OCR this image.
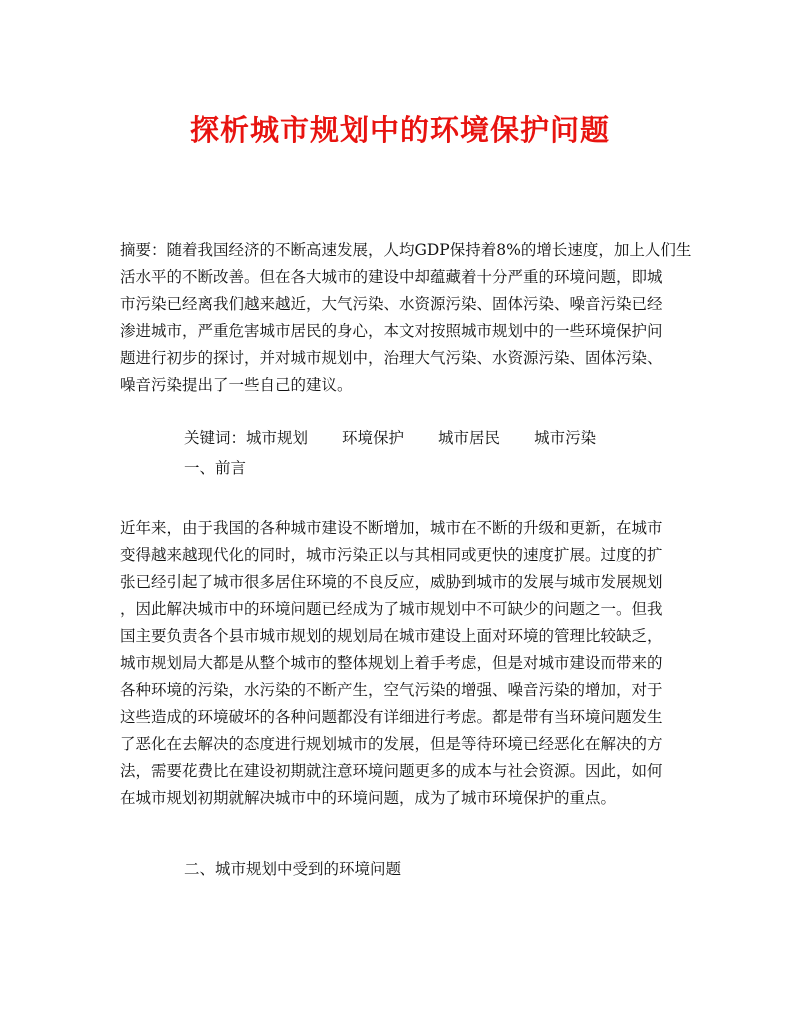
探析城市规划中的环境保护问题
摘要：随着我国经济的不断高速发展，人均GDP保持着8%的增长速度，加上人们生
活水平的不断改善。但在各大城市的建设中却蕴藏着十分严重的环境问题，即城
市污染已经离我们越来越近，大气污染、水资源污染、固体污染、噪音污染已经
渗进城市，严重危害城市居民的身心，本文对按照城市规划中的一些环境保护问
题进行初步的探讨，并对城市规划中，治理大气污染、水资源污染、固体污染、
噪音污染提出了一些自己的建议。
关键词：城市规划 环境保护 城市居民 城市污染
一、前言
近年来，由于我国的各种城市建设不断增加，城市在不断的升级和更新，在城市
变得越来越现代化的同时，城市污染正以与其相同或更快的速度扩展。过度的扩
张已经引起了城市很多居住环境的不良反应，威胁到城市的发展与城市发展规划
，因此解决城市中的环境问题已经成为了城市规划中不可缺少的问题之一。但我
国主要负责各个县市城市规划的规划局在城市建设上面对环境的管理比较缺乏，
城市规划局大都是从整个城市的整体规划上着手考虑，但是对城市建设而带来的
各种环境的污染，水污染的不断产生，空气污染的增强、噪音污染的增加，对于
这些造成的环境破坏的各种问题都没有详细进行考虑。都是带有当环境问题发生
了恶化在去解决的态度进行规划城市的发展，但是等待环境已经恶化在解决的方
法，需要花费比在建设初期就注意环境问题更多的成本与社会资源。因此，如何
在城市规划初期就解决城市中的环境问题，成为了城市环境保护的重点。
二、城市规划中受到的环境问题
